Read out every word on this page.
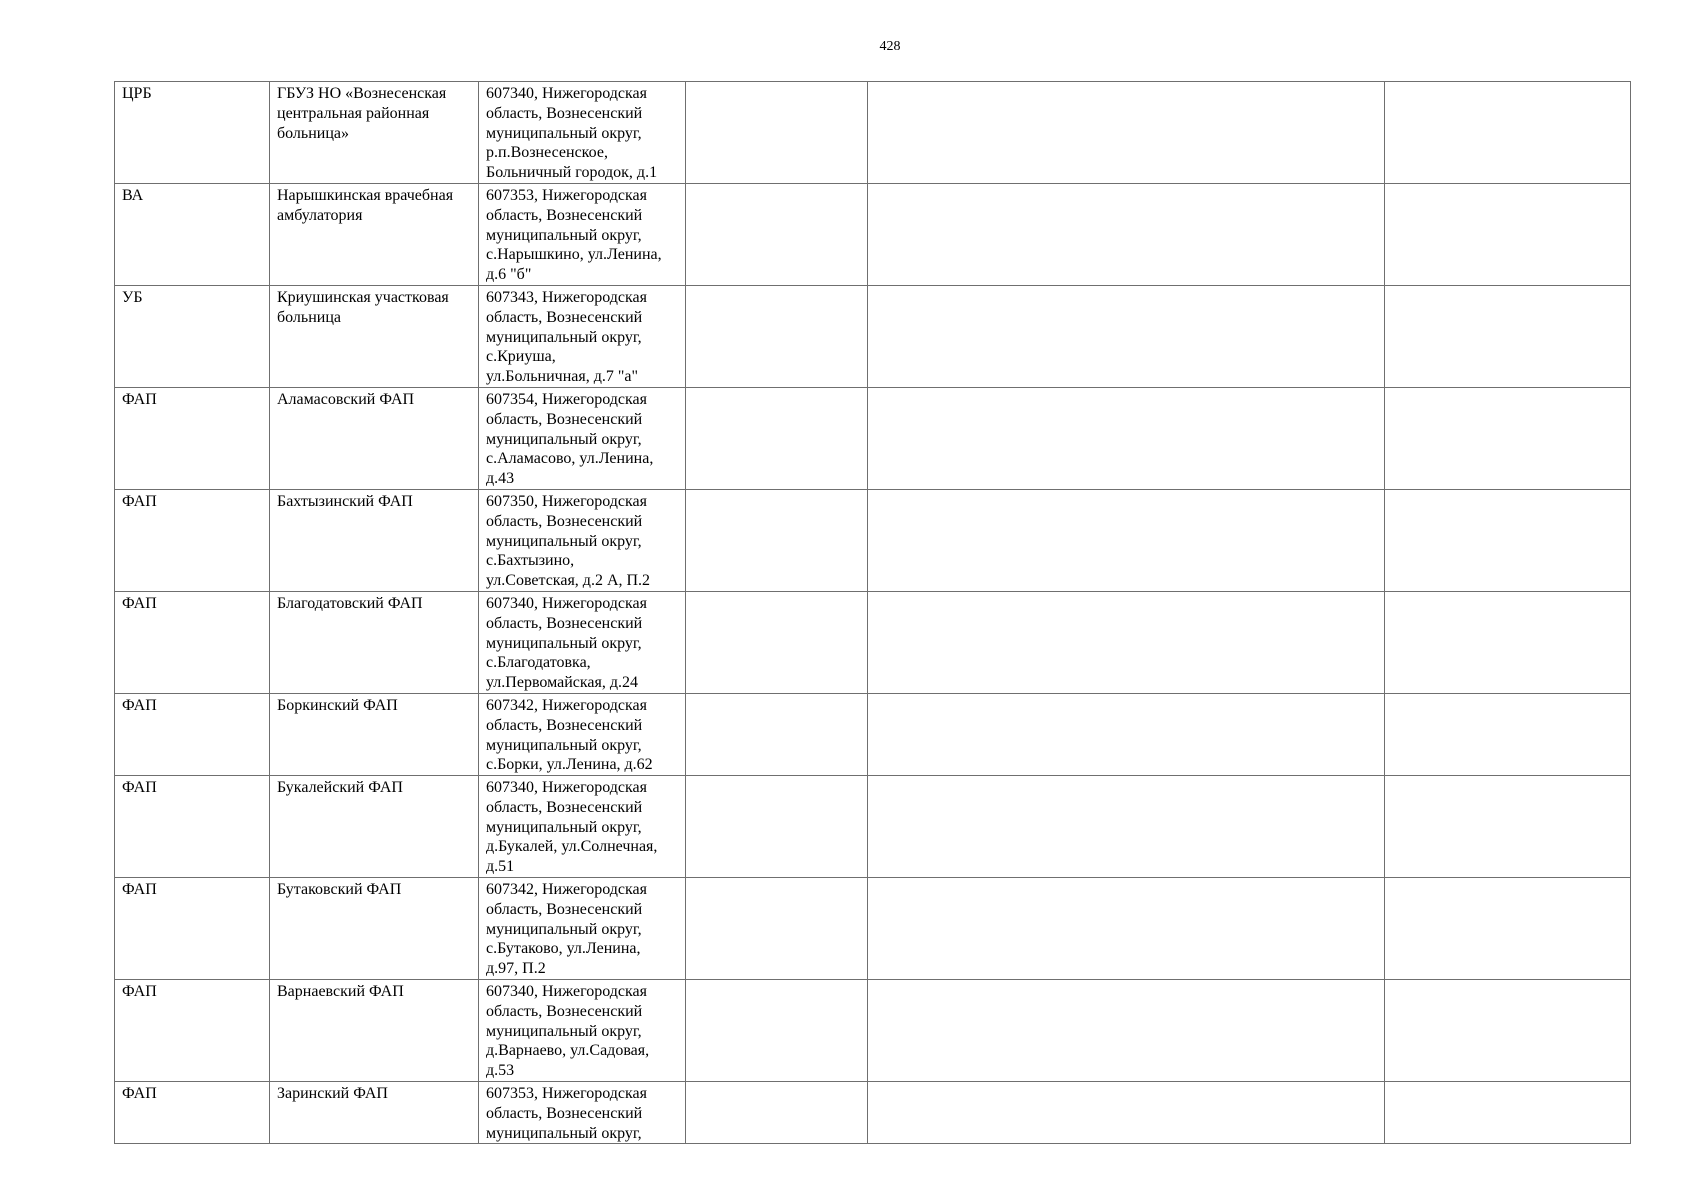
428
ЦРБ	ГБУЗ НО «Вознесенская центральная районная больница»	607340, Нижегородская
область, Вознесенский
муниципальный округ,
р.п.Вознесенское,
Больничный городок, д.1			

ВА	Нарышкинская врачебная амбулатория	607353, Нижегородская
область, Вознесенский
муниципальный округ,
с.Нарышкино, ул.Ленина,
д.6 "б"			

УБ	Криушинская участковая больница	607343, Нижегородская
область, Вознесенский
муниципальный округ,
с.Криуша,
ул.Больничная, д.7 "а"			

ФАП	Аламасовский ФАП	607354, Нижегородская
область, Вознесенский
муниципальный округ,
с.Аламасово, ул.Ленина,
д.43			

ФАП	Бахтызинский ФАП	607350, Нижегородская
область, Вознесенский
муниципальный округ,
с.Бахтызино,
ул.Советская, д.2 А, П.2			

ФАП	Благодатовский ФАП	607340, Нижегородская
область, Вознесенский
муниципальный округ,
с.Благодатовка,
ул.Первомайская, д.24			

ФАП	Боркинский ФАП	607342, Нижегородская
область, Вознесенский
муниципальный округ,
с.Борки, ул.Ленина, д.62			

ФАП	Букалейский ФАП	607340, Нижегородская
область, Вознесенский
муниципальный округ,
д.Букалей, ул.Солнечная,
д.51			

ФАП	Бутаковский ФАП	607342, Нижегородская
область, Вознесенский
муниципальный округ,
с.Бутаково, ул.Ленина,
д.97, П.2			

ФАП	Варнаевский ФАП	607340, Нижегородская
область, Вознесенский
муниципальный округ,
д.Варнаево, ул.Садовая,
д.53			

ФАП	Заринский ФАП	607353, Нижегородская
область, Вознесенский
муниципальный округ,			
